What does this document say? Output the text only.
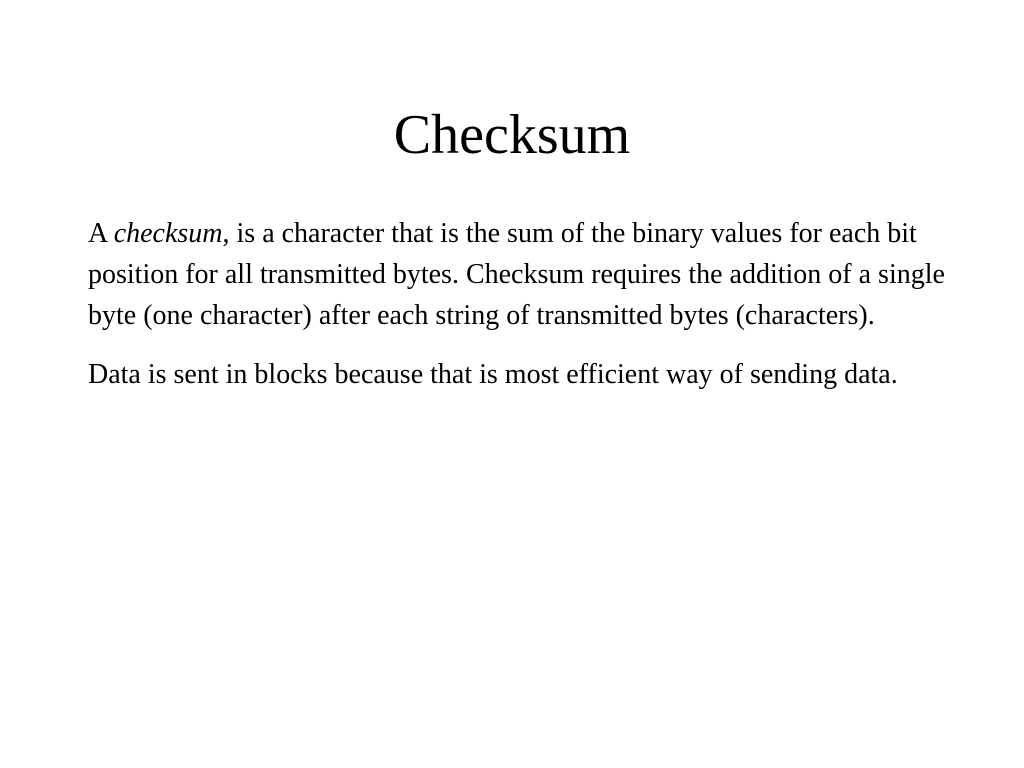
Checksum

A checksum, is a character that is the sum of the binary values for each bit position for all transmitted bytes. Checksum requires the addition of a single byte (one character) after each string of transmitted bytes (characters).

Data is sent in blocks because that is most efficient way of sending data.
